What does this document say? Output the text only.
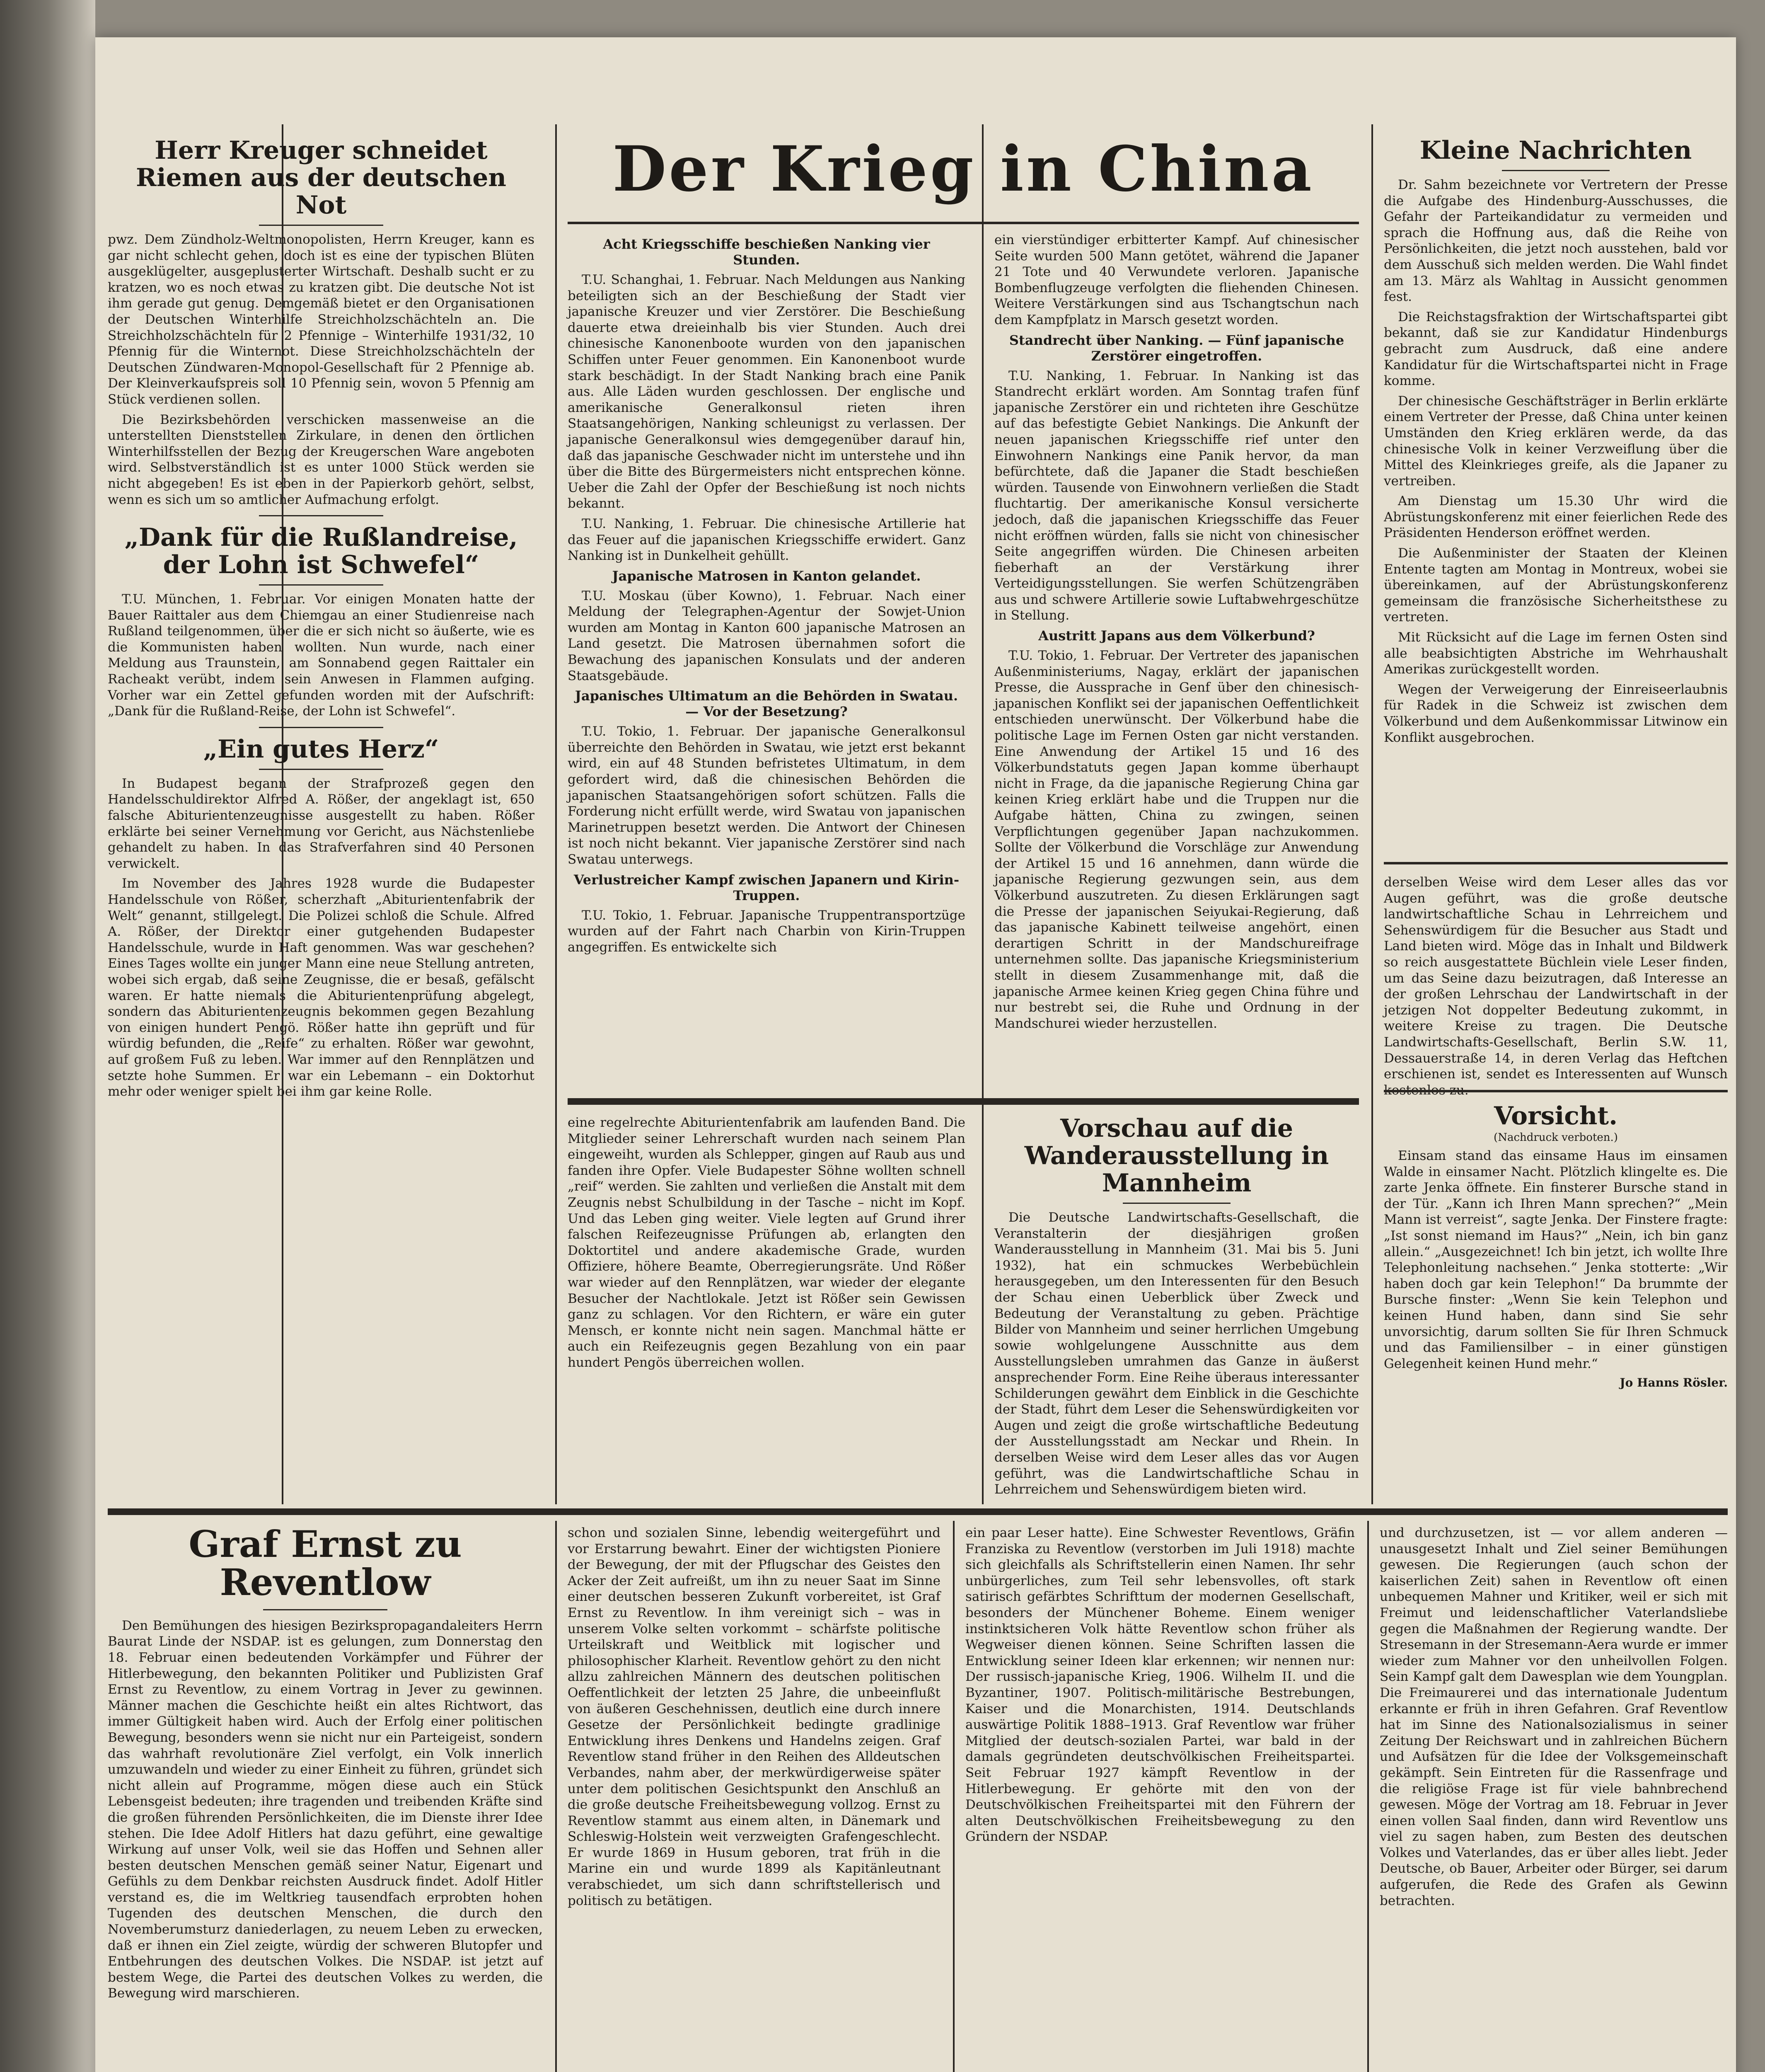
Herr Kreuger schneidet Riemen aus der deutschen Not

pwz. Dem Zündholz-Weltmonopolisten, Herrn Kreuger, kann es gar nicht schlecht gehen, doch ist es eine der typischen Blüten ausgeklügelter, ausgeplusterter Wirtschaft. Deshalb sucht er zu kratzen, wo es noch etwas zu kratzen gibt. Die deutsche Not ist ihm gerade gut genug. Demgemäß bietet er den Organisationen der Deutschen Winterhilfe Streichholzschächteln an. Die Streichholzschächteln für 2 Pfennige – Winterhilfe 1931/32, 10 Pfennig für die Winternot. Diese Streichholzschächteln der Deutschen Zündwaren-Monopol-Gesellschaft für 2 Pfennige ab. Der Kleinverkaufspreis soll 10 Pfennig sein, wovon 5 Pfennig am Stück verdienen sollen.

Die Bezirksbehörden verschicken massenweise an die unterstellten Dienststellen Zirkulare, in denen den örtlichen Winterhilfsstellen der Bezug der Kreugerschen Ware angeboten wird. Selbstverständlich ist es unter 1000 Stück werden sie nicht abgegeben! Es ist eben in der Papierkorb gehört, selbst, wenn es sich um so amtlicher Aufmachung erfolgt.

„Dank für die Rußlandreise, der Lohn ist Schwefel“

T.U. München, 1. Februar. Vor einigen Monaten hatte der Bauer Raittaler aus dem Chiemgau an einer Studienreise nach Rußland teilgenommen, über die er sich nicht so äußerte, wie es die Kommunisten haben wollten. Nun wurde, nach einer Meldung aus Traunstein, am Sonnabend gegen Raittaler ein Racheakt verübt, indem sein Anwesen in Flammen aufging. Vorher war ein Zettel gefunden worden mit der Aufschrift: „Dank für die Rußland-Reise, der Lohn ist Schwefel“.

„Ein gutes Herz“

In Budapest begann der Strafprozeß gegen den Handelsschuldirektor Alfred A. Rößer, der angeklagt ist, 650 falsche Abiturientenzeugnisse ausgestellt zu haben. Rößer erklärte bei seiner Vernehmung vor Gericht, aus Nächstenliebe gehandelt zu haben. In das Strafverfahren sind 40 Personen verwickelt.

Im November des Jahres 1928 wurde die Budapester Handelsschule von Rößer, scherzhaft „Abiturientenfabrik der Welt“ genannt, stillgelegt. Die Polizei schloß die Schule. Alfred A. Rößer, der Direktor einer gutgehenden Budapester Handelsschule, wurde in Haft genommen. Was war geschehen? Eines Tages wollte ein junger Mann eine neue Stellung antreten, wobei sich ergab, daß seine Zeugnisse, die er besaß, gefälscht waren. Er hatte niemals die Abiturientenprüfung abgelegt, sondern das Abiturientenzeugnis bekommen gegen Bezahlung von einigen hundert Pengö. Rößer hatte ihn geprüft und für würdig befunden, die „Reife“ zu erhalten. Rößer war gewohnt, auf großem Fuß zu leben. War immer auf den Rennplätzen und setzte hohe Summen. Er war ein Lebemann – ein Doktorhut mehr oder weniger spielt bei ihm gar keine Rolle.

Der Krieg in China
Acht Kriegsschiffe beschießen Nanking vier Stunden.

T.U. Schanghai, 1. Februar. Nach Meldungen aus Nanking beteiligten sich an der Beschießung der Stadt vier japanische Kreuzer und vier Zerstörer. Die Beschießung dauerte etwa dreieinhalb bis vier Stunden. Auch drei chinesische Kanonenboote wurden von den japanischen Schiffen unter Feuer genommen. Ein Kanonenboot wurde stark beschädigt. In der Stadt Nanking brach eine Panik aus. Alle Läden wurden geschlossen. Der englische und amerikanische Generalkonsul rieten ihren Staatsangehörigen, Nanking schleunigst zu verlassen. Der japanische Generalkonsul wies demgegenüber darauf hin, daß das japanische Geschwader nicht im unterstehe und ihn über die Bitte des Bürgermeisters nicht entsprechen könne. Ueber die Zahl der Opfer der Beschießung ist noch nichts bekannt.

T.U. Nanking, 1. Februar. Die chinesische Artillerie hat das Feuer auf die japanischen Kriegsschiffe erwidert. Ganz Nanking ist in Dunkelheit gehüllt.

Japanische Matrosen in Kanton gelandet.

T.U. Moskau (über Kowno), 1. Februar. Nach einer Meldung der Telegraphen-Agentur der Sowjet-Union wurden am Montag in Kanton 600 japanische Matrosen an Land gesetzt. Die Matrosen übernahmen sofort die Bewachung des japanischen Konsulats und der anderen Staatsgebäude.

Japanisches Ultimatum an die Behörden in Swatau. — Vor der Besetzung?

T.U. Tokio, 1. Februar. Der japanische Generalkonsul überreichte den Behörden in Swatau, wie jetzt erst bekannt wird, ein auf 48 Stunden befristetes Ultimatum, in dem gefordert wird, daß die chinesischen Behörden die japanischen Staatsangehörigen sofort schützen. Falls die Forderung nicht erfüllt werde, wird Swatau von japanischen Marinetruppen besetzt werden. Die Antwort der Chinesen ist noch nicht bekannt. Vier japanische Zerstörer sind nach Swatau unterwegs.

Verlustreicher Kampf zwischen Japanern und Kirin-Truppen.

T.U. Tokio, 1. Februar. Japanische Truppentransportzüge wurden auf der Fahrt nach Charbin von Kirin-Truppen angegriffen. Es entwickelte sich

ein vierstündiger erbitterter Kampf. Auf chinesischer Seite wurden 500 Mann getötet, während die Japaner 21 Tote und 40 Verwundete verloren. Japanische Bombenflugzeuge verfolgten die fliehenden Chinesen. Weitere Verstärkungen sind aus Tschangtschun nach dem Kampfplatz in Marsch gesetzt worden.

Standrecht über Nanking. — Fünf japanische Zerstörer eingetroffen.

T.U. Nanking, 1. Februar. In Nanking ist das Standrecht erklärt worden. Am Sonntag trafen fünf japanische Zerstörer ein und richteten ihre Geschütze auf das befestigte Gebiet Nankings. Die Ankunft der neuen japanischen Kriegsschiffe rief unter den Einwohnern Nankings eine Panik hervor, da man befürchtete, daß die Japaner die Stadt beschießen würden. Tausende von Einwohnern verließen die Stadt fluchtartig. Der amerikanische Konsul versicherte jedoch, daß die japanischen Kriegsschiffe das Feuer nicht eröffnen würden, falls sie nicht von chinesischer Seite angegriffen würden. Die Chinesen arbeiten fieberhaft an der Verstärkung ihrer Verteidigungsstellungen. Sie werfen Schützengräben aus und schwere Artillerie sowie Luftabwehrgeschütze in Stellung.

Austritt Japans aus dem Völkerbund?

T.U. Tokio, 1. Februar. Der Vertreter des japanischen Außenministeriums, Nagay, erklärt der japanischen Presse, die Aussprache in Genf über den chinesisch-japanischen Konflikt sei der japanischen Oeffentlichkeit entschieden unerwünscht. Der Völkerbund habe die politische Lage im Fernen Osten gar nicht verstanden. Eine Anwendung der Artikel 15 und 16 des Völkerbundstatuts gegen Japan komme überhaupt nicht in Frage, da die japanische Regierung China gar keinen Krieg erklärt habe und die Truppen nur die Aufgabe hätten, China zu zwingen, seinen Verpflichtungen gegenüber Japan nachzukommen. Sollte der Völkerbund die Vorschläge zur Anwendung der Artikel 15 und 16 annehmen, dann würde die japanische Regierung gezwungen sein, aus dem Völkerbund auszutreten. Zu diesen Erklärungen sagt die Presse der japanischen Seiyukai-Regierung, daß das japanische Kabinett teilweise angehört, einen derartigen Schritt in der Mandschureifrage unternehmen sollte. Das japanische Kriegsministerium stellt in diesem Zusammenhange mit, daß die japanische Armee keinen Krieg gegen China führe und nur bestrebt sei, die Ruhe und Ordnung in der Mandschurei wieder herzustellen.

eine regelrechte Abiturientenfabrik am laufenden Band. Die Mitglieder seiner Lehrerschaft wurden nach seinem Plan eingeweiht, wurden als Schlepper, gingen auf Raub aus und fanden ihre Opfer. Viele Budapester Söhne wollten schnell „reif“ werden. Sie zahlten und verließen die Anstalt mit dem Zeugnis nebst Schulbildung in der Tasche – nicht im Kopf. Und das Leben ging weiter. Viele legten auf Grund ihrer falschen Reifezeugnisse Prüfungen ab, erlangten den Doktortitel und andere akademische Grade, wurden Offiziere, höhere Beamte, Oberregierungsräte. Und Rößer war wieder auf den Rennplätzen, war wieder der elegante Besucher der Nachtlokale. Jetzt ist Rößer sein Gewissen ganz zu schlagen. Vor den Richtern, er wäre ein guter Mensch, er konnte nicht nein sagen. Manchmal hätte er auch ein Reifezeugnis gegen Bezahlung von ein paar hundert Pengös überreichen wollen.

Vorschau auf die Wanderausstellung in Mannheim

Die Deutsche Landwirtschafts-Gesellschaft, die Veranstalterin der diesjährigen großen Wanderausstellung in Mannheim (31. Mai bis 5. Juni 1932), hat ein schmuckes Werbebüchlein herausgegeben, um den Interessenten für den Besuch der Schau einen Ueberblick über Zweck und Bedeutung der Veranstaltung zu geben. Prächtige Bilder von Mannheim und seiner herrlichen Umgebung sowie wohlgelungene Ausschnitte aus dem Ausstellungsleben umrahmen das Ganze in äußerst ansprechender Form. Eine Reihe überaus interessanter Schilderungen gewährt dem Einblick in die Geschichte der Stadt, führt dem Leser die Sehenswürdigkeiten vor Augen und zeigt die große wirtschaftliche Bedeutung der Ausstellungsstadt am Neckar und Rhein. In derselben Weise wird dem Leser alles das vor Augen geführt, was die Landwirtschaftliche Schau in Lehrreichem und Sehenswürdigem bieten wird.

Kleine Nachrichten

Dr. Sahm bezeichnete vor Vertretern der Presse die Aufgabe des Hindenburg-Ausschusses, die Gefahr der Parteikandidatur zu vermeiden und sprach die Hoffnung aus, daß die Reihe von Persönlichkeiten, die jetzt noch ausstehen, bald vor dem Ausschuß sich melden werden. Die Wahl findet am 13. März als Wahltag in Aussicht genommen fest.

Die Reichstagsfraktion der Wirtschaftspartei gibt bekannt, daß sie zur Kandidatur Hindenburgs gebracht zum Ausdruck, daß eine andere Kandidatur für die Wirtschaftspartei nicht in Frage komme.

Der chinesische Geschäftsträger in Berlin erklärte einem Vertreter der Presse, daß China unter keinen Umständen den Krieg erklären werde, da das chinesische Volk in keiner Verzweiflung über die Mittel des Kleinkrieges greife, als die Japaner zu vertreiben.

Am Dienstag um 15.30 Uhr wird die Abrüstungskonferenz mit einer feierlichen Rede des Präsidenten Henderson eröffnet werden.

Die Außenminister der Staaten der Kleinen Entente tagten am Montag in Montreux, wobei sie übereinkamen, auf der Abrüstungskonferenz gemeinsam die französische Sicherheitsthese zu vertreten.

Mit Rücksicht auf die Lage im fernen Osten sind alle beabsichtigten Abstriche im Wehrhaushalt Amerikas zurückgestellt worden.

Wegen der Verweigerung der Einreiseerlaubnis für Radek in die Schweiz ist zwischen dem Völkerbund und dem Außenkommissar Litwinow ein Konflikt ausgebrochen.

derselben Weise wird dem Leser alles das vor Augen geführt, was die große deutsche landwirtschaftliche Schau in Lehrreichem und Sehenswürdigem für die Besucher aus Stadt und Land bieten wird. Möge das in Inhalt und Bildwerk so reich ausgestattete Büchlein viele Leser finden, um das Seine dazu beizutragen, daß Interesse an der großen Lehrschau der Landwirtschaft in der jetzigen Not doppelter Bedeutung zukommt, in weitere Kreise zu tragen. Die Deutsche Landwirtschafts-Gesellschaft, Berlin S.W. 11, Dessauerstraße 14, in deren Verlag das Heftchen erschienen ist, sendet es Interessenten auf Wunsch

Vorsicht.
(Nachdruck verboten.)

Einsam stand das einsame Haus im einsamen Walde in einsamer Nacht. Plötzlich klingelte es. Die zarte Jenka öffnete. Ein finsterer Bursche stand in der Tür. „Kann ich Ihren Mann sprechen?“ „Mein Mann ist verreist“, sagte Jenka. Der Finstere fragte: „Ist sonst niemand im Haus?“ „Nein, ich bin ganz allein.“ „Ausgezeichnet! Ich bin jetzt, ich wollte Ihre Telephonleitung nachsehen.“ Jenka stotterte: „Wir haben doch gar kein Telephon!“ Da brummte der Bursche finster: „Wenn Sie kein Telephon und keinen Hund haben, dann sind Sie sehr unvorsichtig, darum sollten Sie für Ihren Schmuck und das Familiensilber – in einer günstigen Gelegenheit keinen Hund mehr.“

Jo Hanns Rösler.
Graf Ernst zu Reventlow

Den Bemühungen des hiesigen Bezirkspropagandaleiters Herrn Baurat Linde der NSDAP. ist es gelungen, zum Donnerstag den 18. Februar einen bedeutenden Vorkämpfer und Führer der Hitlerbewegung, den bekannten Politiker und Publizisten Graf Ernst zu Reventlow, zu einem Vortrag in Jever zu gewinnen. Männer machen die Geschichte heißt ein altes Richtwort, das immer Gültigkeit haben wird. Auch der Erfolg einer politischen Bewegung, besonders wenn sie nicht nur ein Parteigeist, sondern das wahrhaft revolutionäre Ziel verfolgt, ein Volk innerlich umzuwandeln und wieder zu einer Einheit zu führen, gründet sich nicht allein auf Programme, mögen diese auch ein Stück Lebensgeist bedeuten; ihre tragenden und treibenden Kräfte sind die großen führenden Persönlichkeiten, die im Dienste ihrer Idee stehen. Die Idee Adolf Hitlers hat dazu geführt, eine gewaltige Wirkung auf unser Volk, weil sie das Hoffen und Sehnen aller besten deutschen Menschen gemäß seiner Natur, Eigenart und Gefühls zu dem Denkbar reichsten Ausdruck findet. Adolf Hitler verstand es, die im Weltkrieg tausendfach erprobten hohen Tugenden des deutschen Menschen, die durch den Novemberumsturz daniederlagen, zu neuem Leben zu erwecken, daß er ihnen ein Ziel zeigte, würdig der schweren Blutopfer und Entbehrungen des deutschen Volkes. Die NSDAP. ist jetzt auf bestem Wege, die Partei des deutschen Volkes zu werden, die Bewegung wird marschieren.

schon und sozialen Sinne, lebendig weitergeführt und vor Erstarrung bewahrt. Einer der wichtigsten Pioniere der Bewegung, der mit der Pflugschar des Geistes den Acker der Zeit aufreißt, um ihn zu neuer Saat im Sinne einer deutschen besseren Zukunft vorbereitet, ist Graf Ernst zu Reventlow. In ihm vereinigt sich – was in unserem Volke selten vorkommt – schärfste politische Urteilskraft und Weitblick mit logischer und philosophischer Klarheit. Reventlow gehört zu den nicht allzu zahlreichen Männern des deutschen politischen Oeffentlichkeit der letzten 25 Jahre, die unbeeinflußt von äußeren Geschehnissen, deutlich eine durch innere Gesetze der Persönlichkeit bedingte gradlinige Entwicklung ihres Denkens und Handelns zeigen. Graf Reventlow stand früher in den Reihen des Alldeutschen Verbandes, nahm aber, der merkwürdigerweise später unter dem politischen Gesichtspunkt den Anschluß an die große deutsche Freiheitsbewegung vollzog. Ernst zu Reventlow stammt aus einem alten, in Dänemark und Schleswig-Holstein weit verzweigten Grafengeschlecht. Er wurde 1869 in Husum geboren, trat früh in die Marine ein und wurde 1899 als Kapitänleutnant verabschiedet, um sich dann schriftstellerisch und politisch zu betätigen.

ein paar Leser hatte). Eine Schwester Reventlows, Gräfin Franziska zu Reventlow (verstorben im Juli 1918) machte sich gleichfalls als Schriftstellerin einen Namen. Ihr sehr unbürgerliches, zum Teil sehr lebensvolles, oft stark satirisch gefärbtes Schrifttum der modernen Gesellschaft, besonders der Münchener Boheme. Einem weniger instinktsicheren Volk hätte Reventlow schon früher als Wegweiser dienen können. Seine Schriften lassen die Entwicklung seiner Ideen klar erkennen; wir nennen nur: Der russisch-japanische Krieg, 1906. Wilhelm II. und die Byzantiner, 1907. Politisch-militärische Bestrebungen, Kaiser und die Monarchisten, 1914. Deutschlands auswärtige Politik 1888–1913. Graf Reventlow war früher Mitglied der deutsch-sozialen Partei, war bald in der damals gegründeten deutschvölkischen Freiheitspartei. Seit Februar 1927 kämpft Reventlow in der Hitlerbewegung. Er gehörte mit den von der Deutschvölkischen Freiheitspartei mit den Führern der alten Deutschvölkischen Freiheitsbewegung zu den Gründern der NSDAP.

und durchzusetzen, ist — vor allem anderen — unausgesetzt Inhalt und Ziel seiner Bemühungen gewesen. Die Regierungen (auch schon der kaiserlichen Zeit) sahen in Reventlow oft einen unbequemen Mahner und Kritiker, weil er sich mit Freimut und leidenschaftlicher Vaterlandsliebe gegen die Maßnahmen der Regierung wandte. Der Stresemann in der Stresemann-Aera wurde er immer wieder zum Mahner vor den unheilvollen Folgen. Sein Kampf galt dem Dawesplan wie dem Youngplan. Die Freimaurerei und das internationale Judentum erkannte er früh in ihren Gefahren. Graf Reventlow hat im Sinne des Nationalsozialismus in seiner Zeitung Der Reichswart und in zahlreichen Büchern und Aufsätzen für die Idee der Volksgemeinschaft gekämpft. Sein Eintreten für die Rassenfrage und die religiöse Frage ist für viele bahnbrechend gewesen. Möge der Vortrag am 18. Februar in Jever einen vollen Saal finden, dann wird Reventlow uns viel zu sagen haben, zum Besten des deutschen Volkes und Vaterlandes, das er über alles liebt. Jeder Deutsche, ob Bauer, Arbeiter oder Bürger, sei darum aufgerufen, die Rede des Grafen als Gewinn betrachten.
